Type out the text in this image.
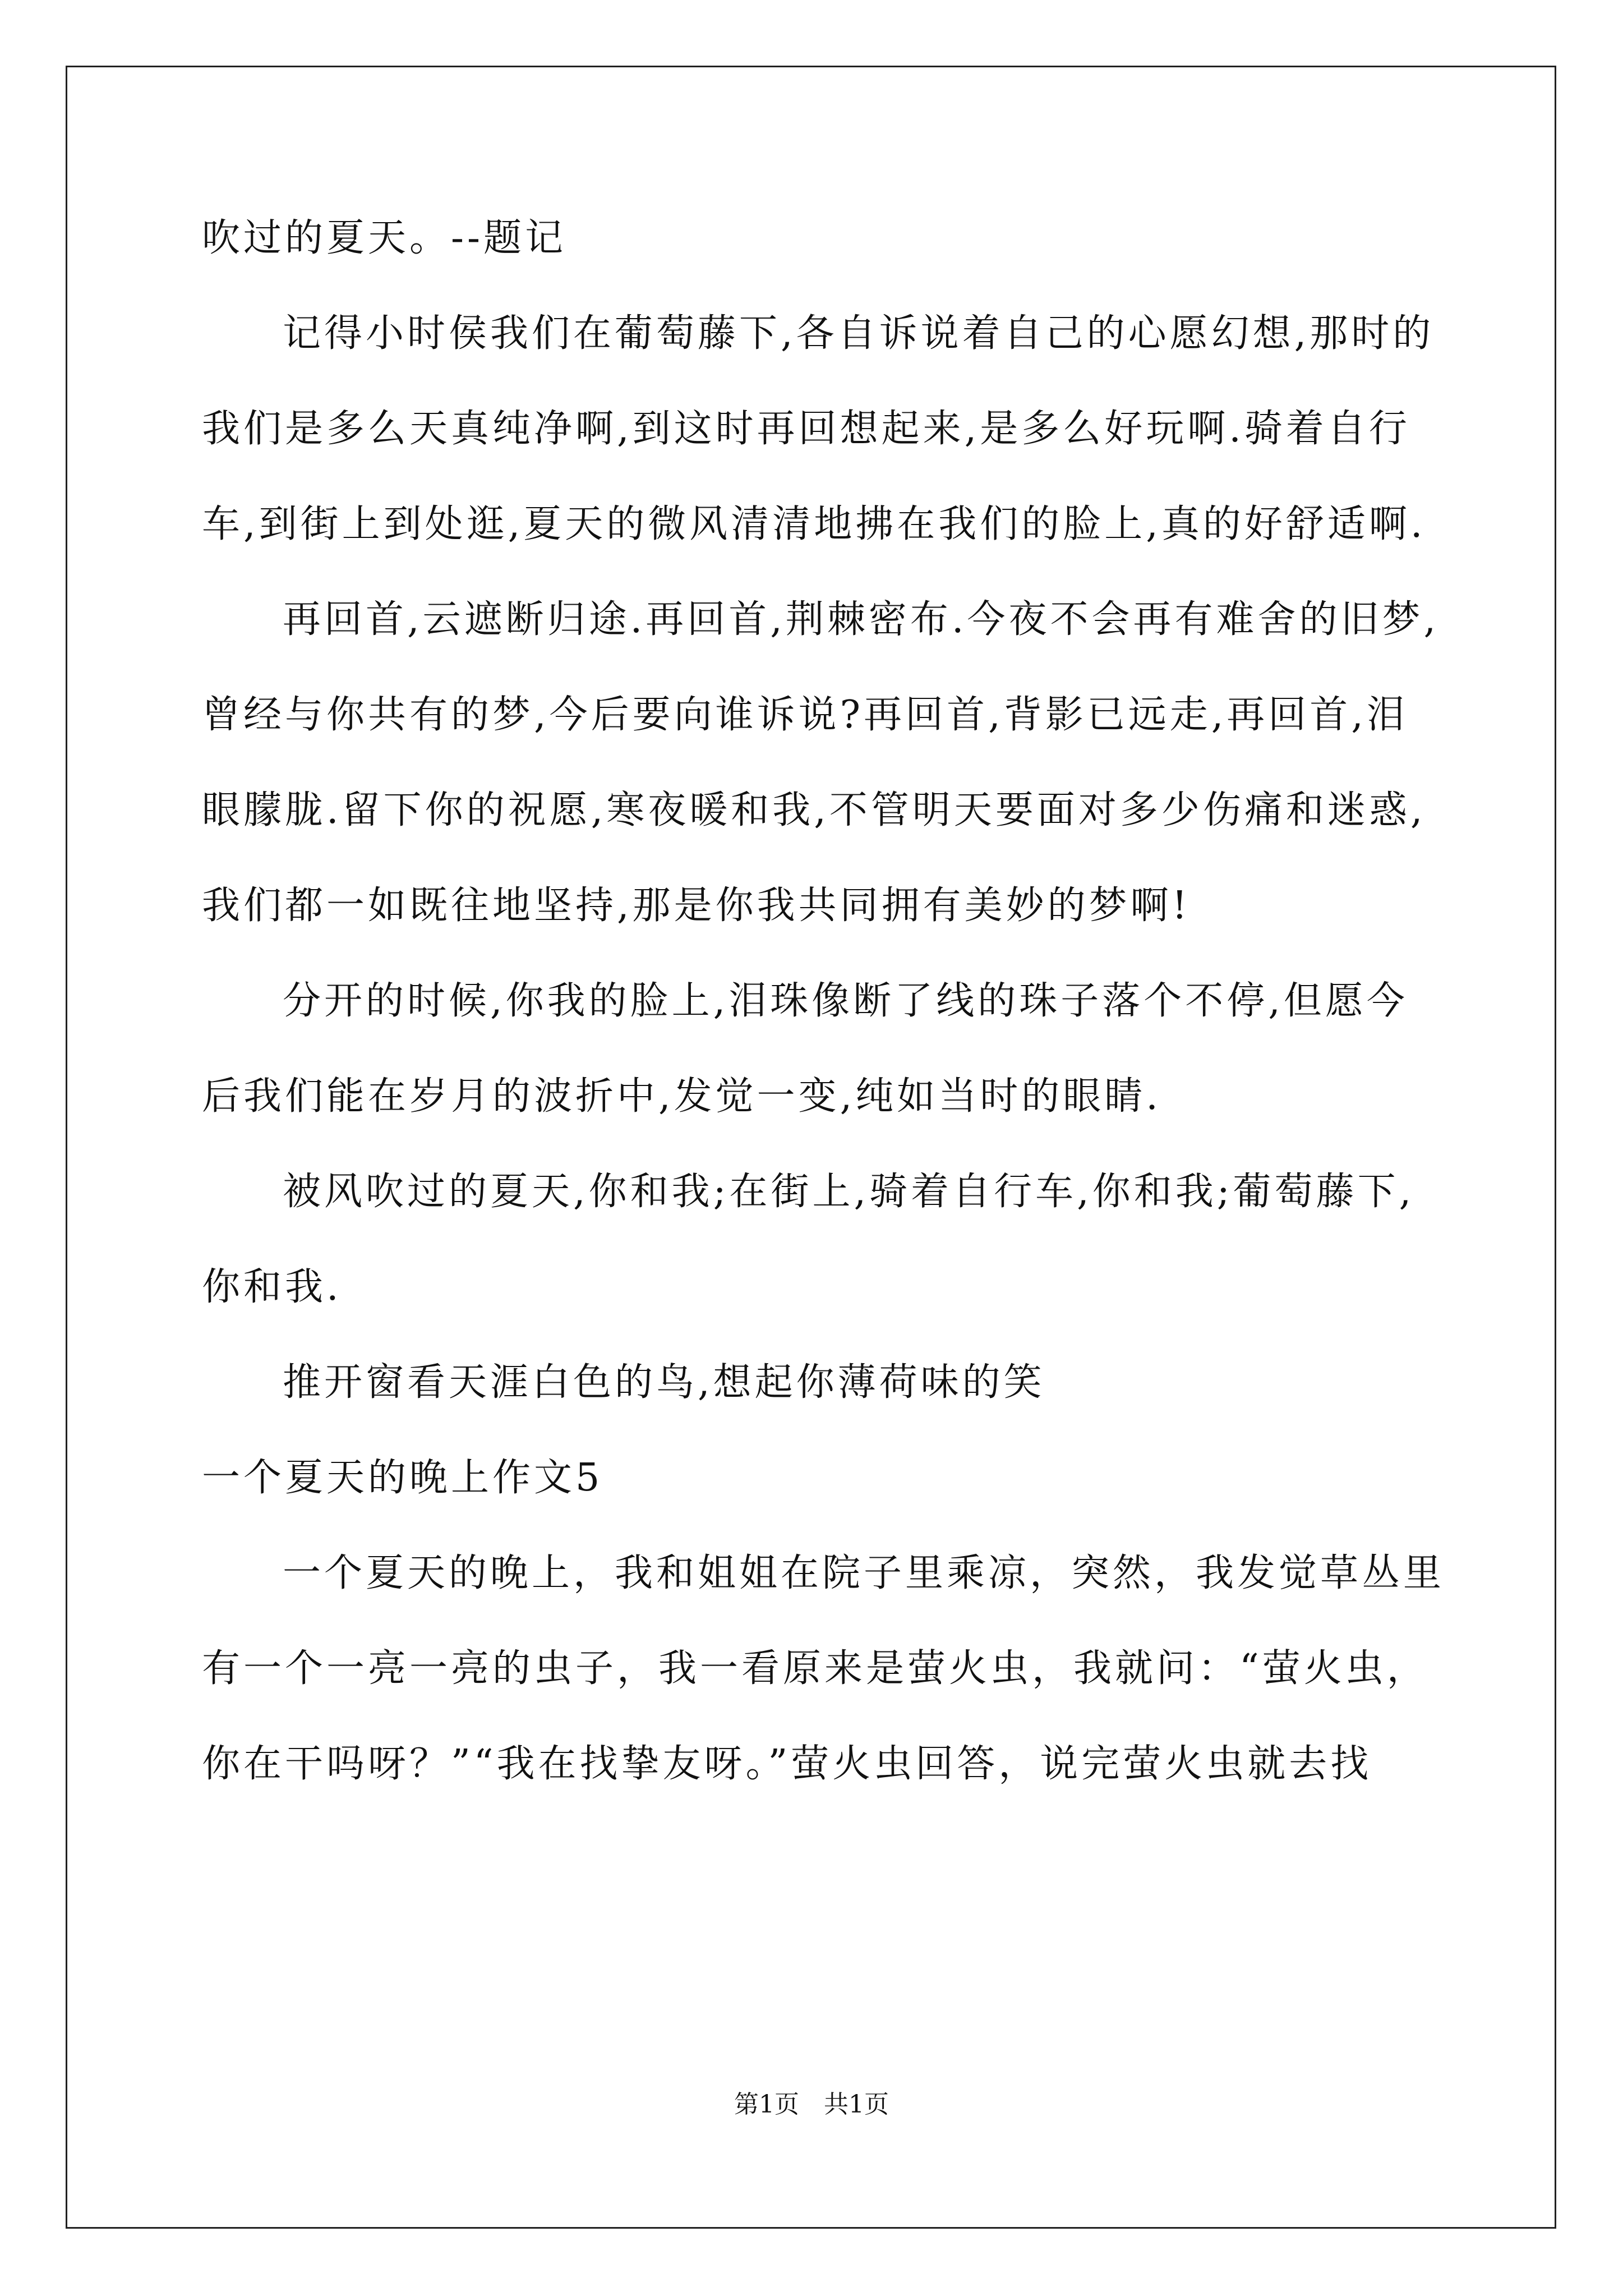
吹过的夏天。--题记
记得小时侯我们在葡萄藤下,各自诉说着自己的心愿幻想,那时的
我们是多么天真纯净啊,到这时再回想起来,是多么好玩啊.骑着自行
车,到街上到处逛,夏天的微风清清地拂在我们的脸上,真的好舒适啊.
再回首,云遮断归途.再回首,荆棘密布.今夜不会再有难舍的旧梦,
曾经与你共有的梦,今后要向谁诉说?再回首,背影已远走,再回首,泪
眼朦胧.留下你的祝愿,寒夜暖和我,不管明天要面对多少伤痛和迷惑,
我们都一如既往地坚持,那是你我共同拥有美妙的梦啊!
分开的时候,你我的脸上,泪珠像断了线的珠子落个不停,但愿今
后我们能在岁月的波折中,发觉一变,纯如当时的眼睛.
被风吹过的夏天,你和我;在街上,骑着自行车,你和我;葡萄藤下,
你和我.
推开窗看天涯白色的鸟,想起你薄荷味的笑
一个夏天的晚上作文5
一个夏天的晚上，我和姐姐在院子里乘凉，突然，我发觉草丛里
有一个一亮一亮的虫子，我一看原来是萤火虫，我就问：“萤火虫，
你在干吗呀？”“我在找挚友呀。”萤火虫回答，说完萤火虫就去找
第1页　共1页
